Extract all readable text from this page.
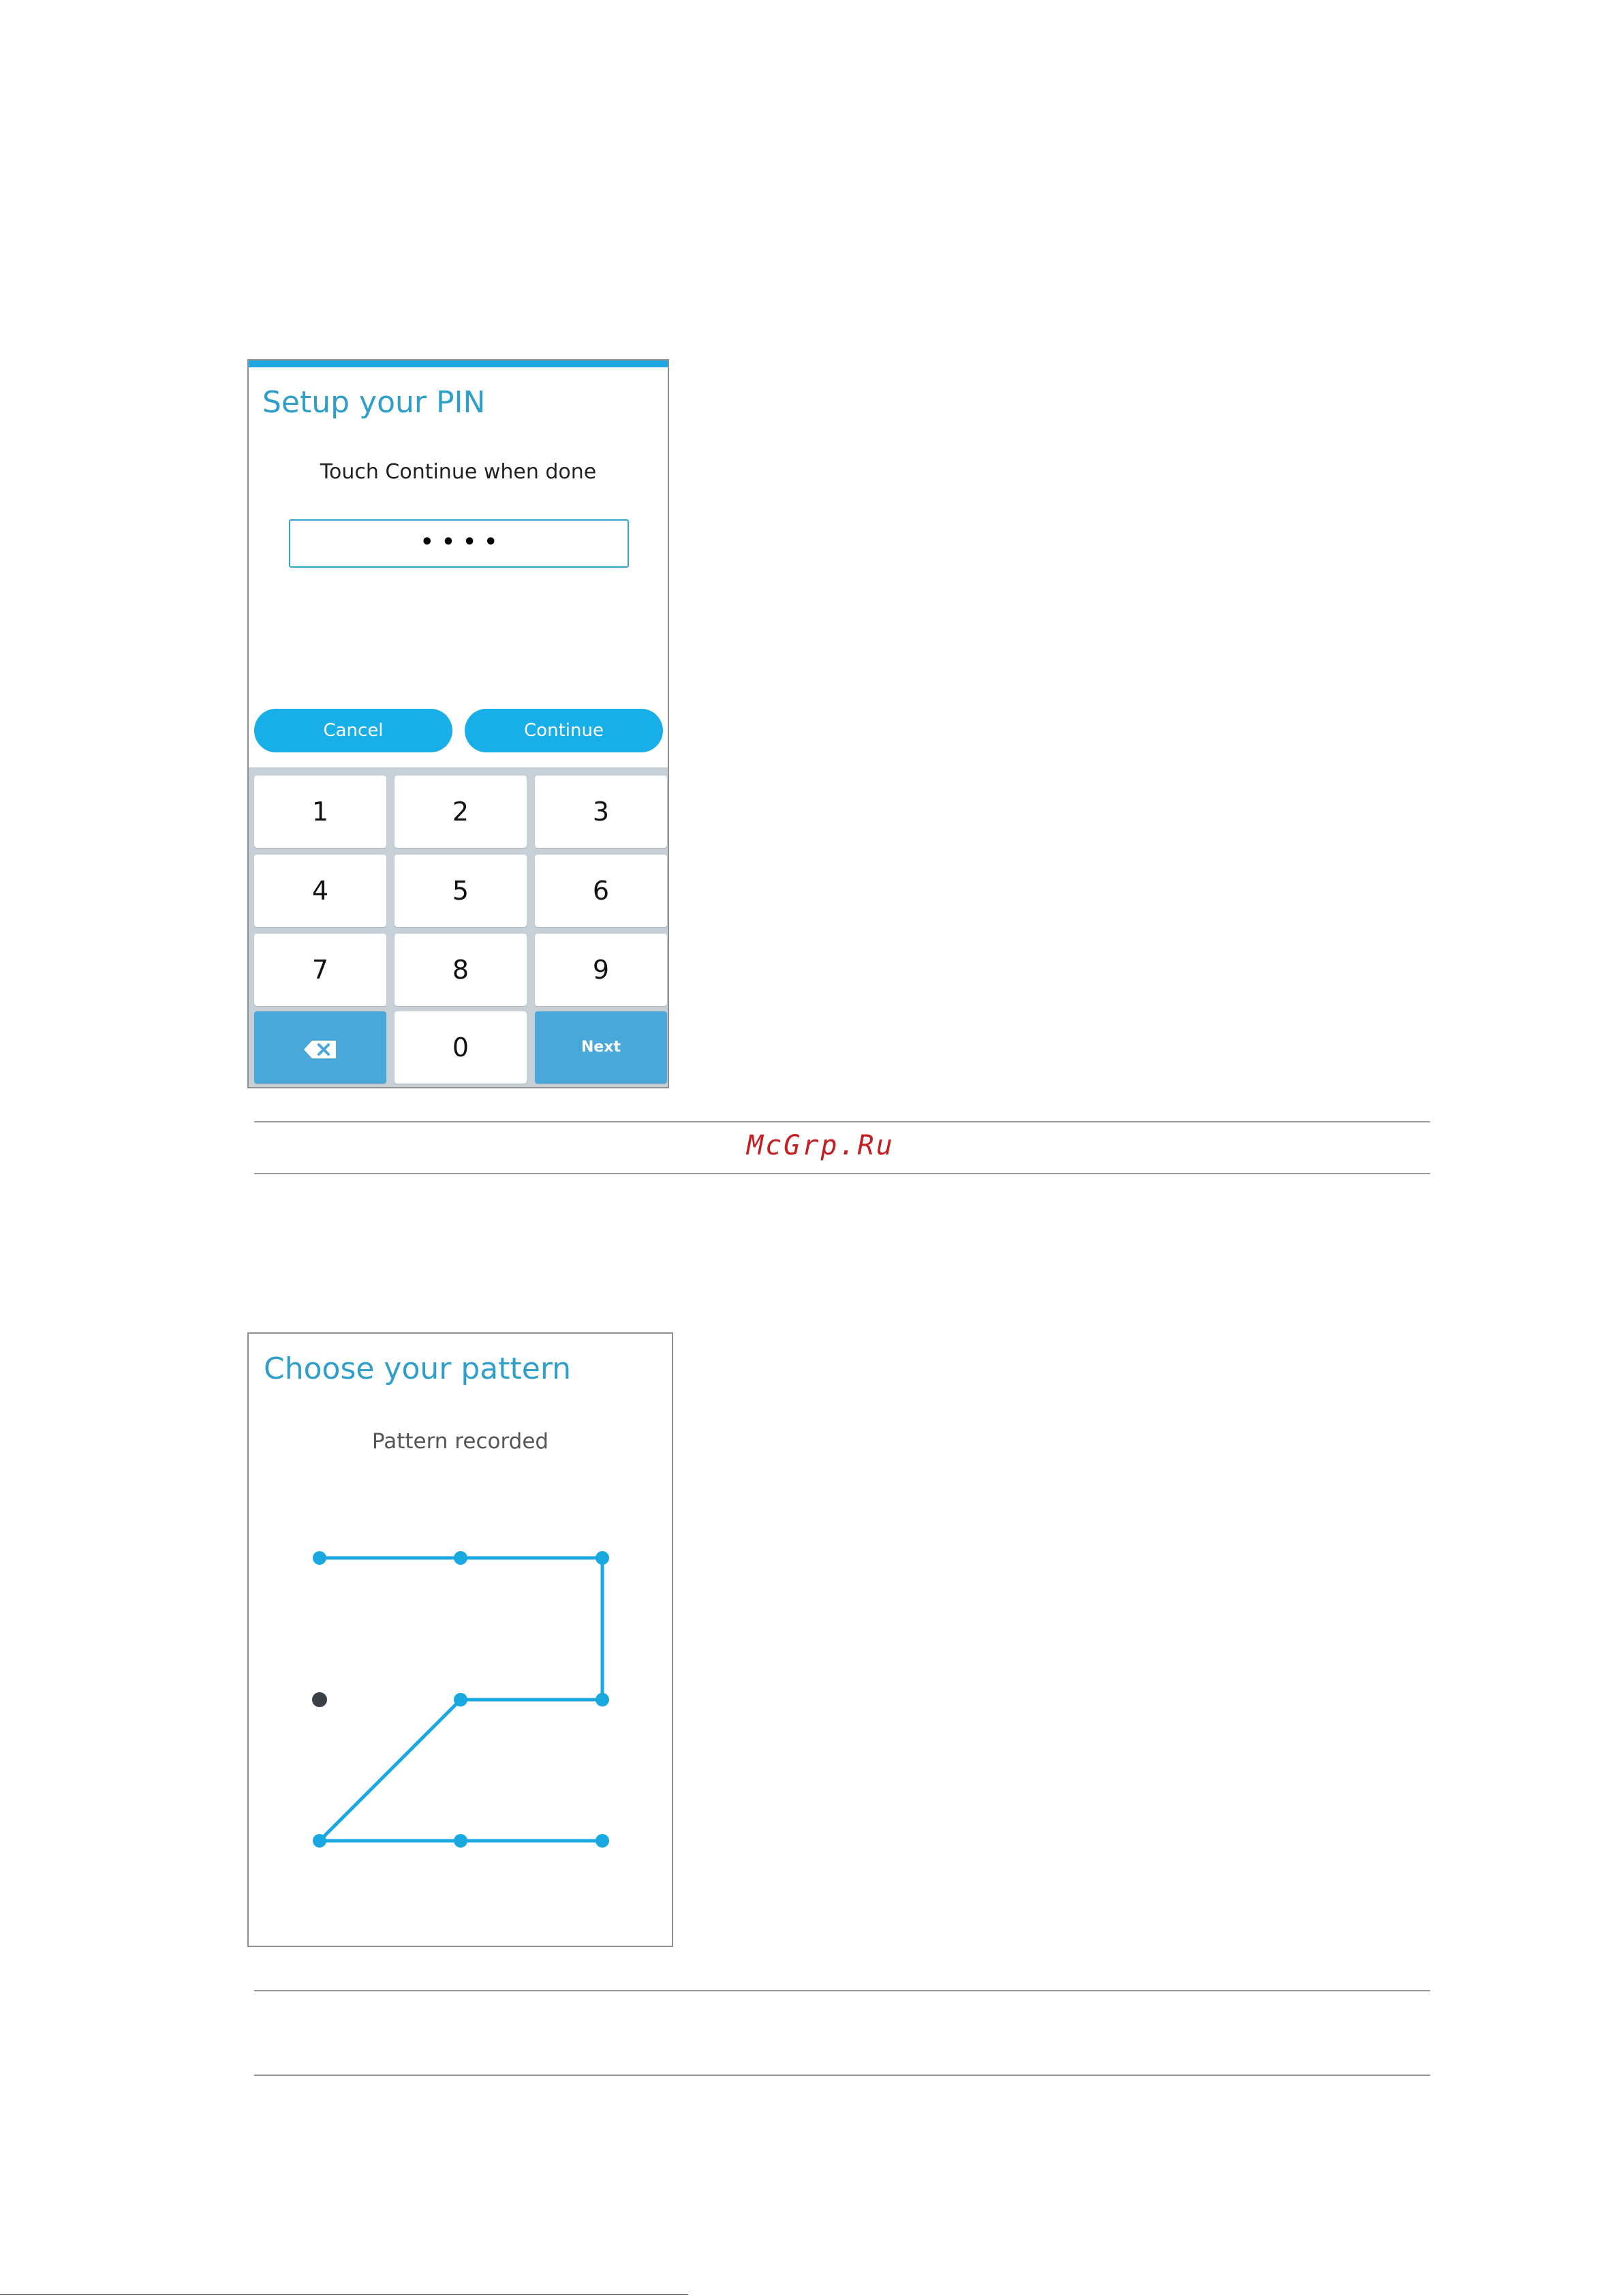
Setup your PIN
Touch Continue when done
••••
Cancel	Continue
1	2	3
4	5	6
7	8	9
0	Next
McGrp.Ru
Choose your pattern
Pattern recorded
